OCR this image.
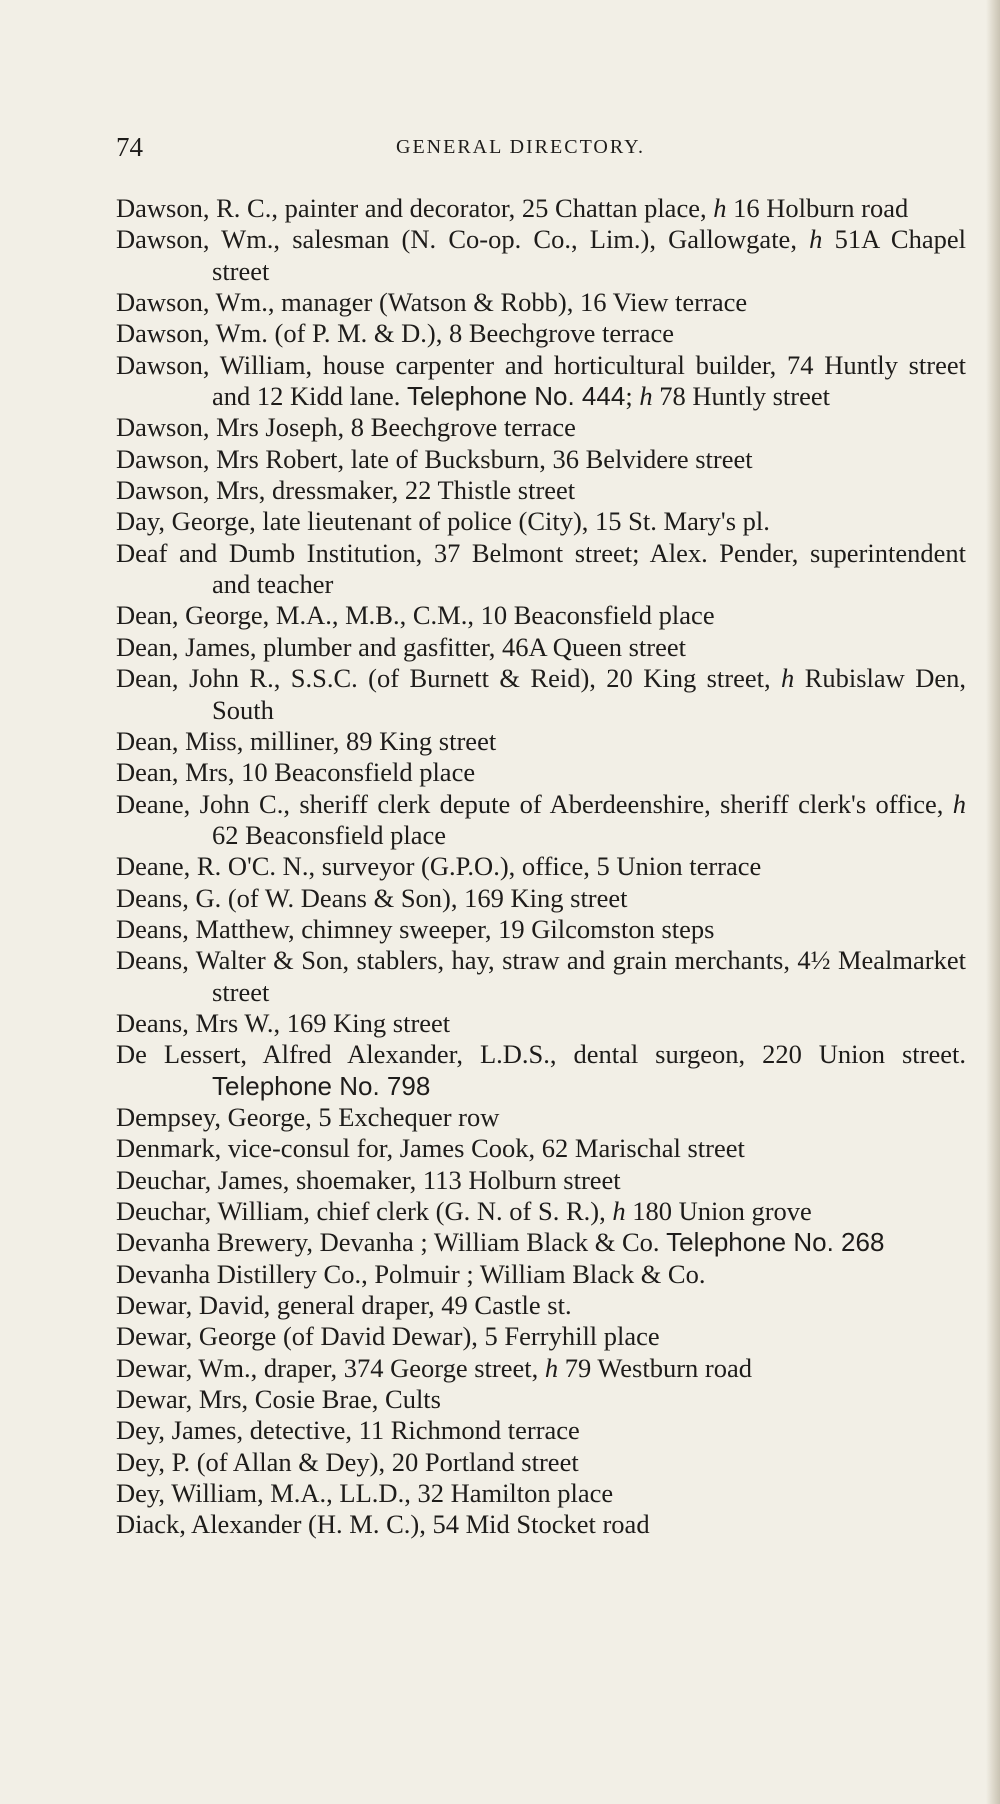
74	GENERAL DIRECTORY.
Dawson, R. C., painter and decorator, 25 Chattan place, h 16 Holburn road
Dawson, Wm., salesman (N. Co-op. Co., Lim.), Gallowgate, h 51A Chapel street
Dawson, Wm., manager (Watson & Robb), 16 View terrace
Dawson, Wm. (of P. M. & D.), 8 Beechgrove terrace
Dawson, William, house carpenter and horticultural builder, 74 Huntly street and 12 Kidd lane. Telephone No. 444; h 78 Huntly street
Dawson, Mrs Joseph, 8 Beechgrove terrace
Dawson, Mrs Robert, late of Bucksburn, 36 Belvidere street
Dawson, Mrs, dressmaker, 22 Thistle street
Day, George, late lieutenant of police (City), 15 St. Mary's pl.
Deaf and Dumb Institution, 37 Belmont street; Alex. Pender, superintendent and teacher
Dean, George, M.A., M.B., C.M., 10 Beaconsfield place
Dean, James, plumber and gasfitter, 46A Queen street
Dean, John R., S.S.C. (of Burnett & Reid), 20 King street, h Rubislaw Den, South
Dean, Miss, milliner, 89 King street
Dean, Mrs, 10 Beaconsfield place
Deane, John C., sheriff clerk depute of Aberdeenshire, sheriff clerk's office, h 62 Beaconsfield place
Deane, R. O'C. N., surveyor (G.P.O.), office, 5 Union terrace
Deans, G. (of W. Deans & Son), 169 King street
Deans, Matthew, chimney sweeper, 19 Gilcomston steps
Deans, Walter & Son, stablers, hay, straw and grain merchants, 4½ Mealmarket street
Deans, Mrs W., 169 King street
De Lessert, Alfred Alexander, L.D.S., dental surgeon, 220 Union street. Telephone No. 798
Dempsey, George, 5 Exchequer row
Denmark, vice-consul for, James Cook, 62 Marischal street
Deuchar, James, shoemaker, 113 Holburn street
Deuchar, William, chief clerk (G. N. of S. R.), h 180 Union grove
Devanha Brewery, Devanha ; William Black & Co. Telephone No. 268
Devanha Distillery Co., Polmuir ; William Black & Co.
Dewar, David, general draper, 49 Castle st.
Dewar, George (of David Dewar), 5 Ferryhill place
Dewar, Wm., draper, 374 George street, h 79 Westburn road
Dewar, Mrs, Cosie Brae, Cults
Dey, James, detective, 11 Richmond terrace
Dey, P. (of Allan & Dey), 20 Portland street
Dey, William, M.A., LL.D., 32 Hamilton place
Diack, Alexander (H. M. C.), 54 Mid Stocket road
